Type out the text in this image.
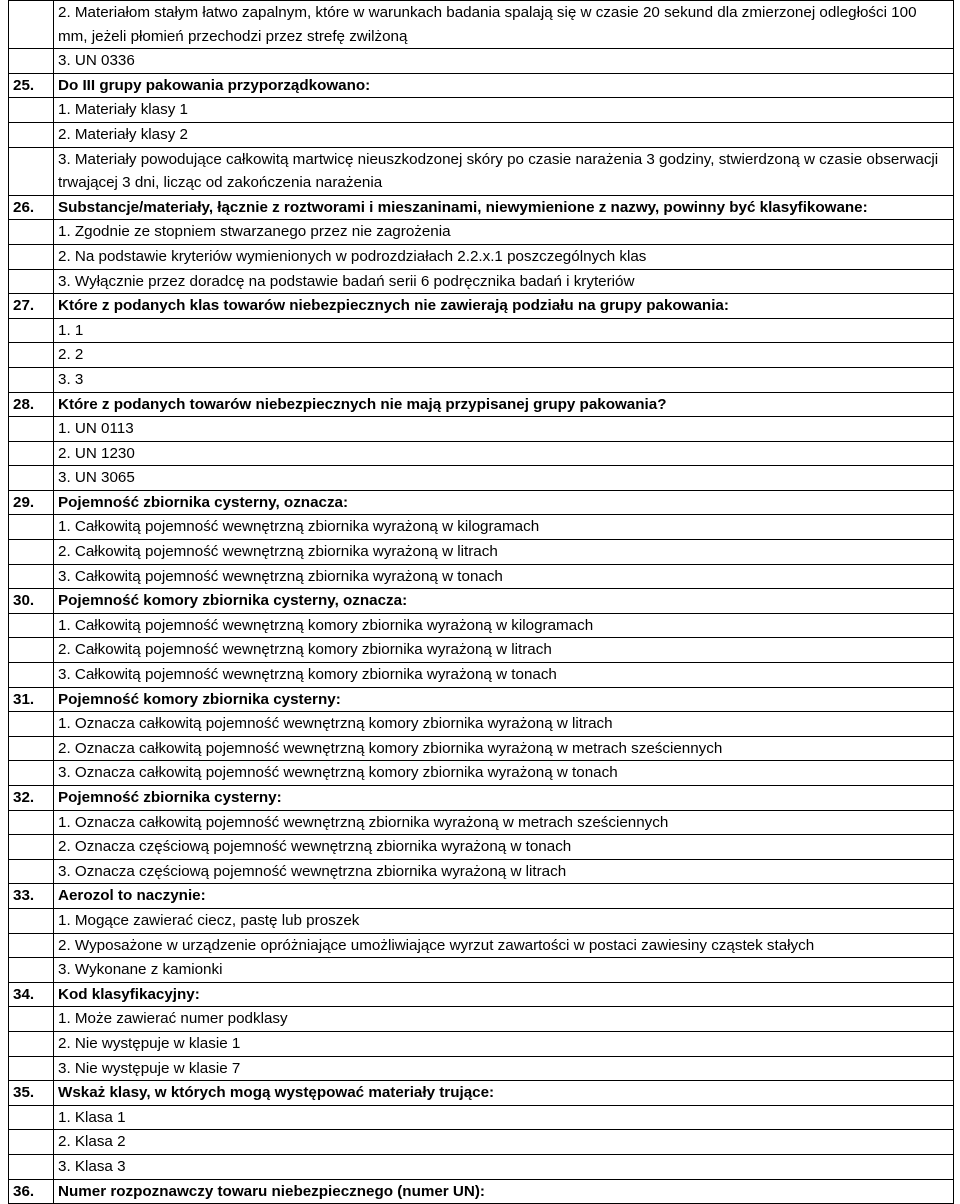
	2. Materiałom stałym łatwo zapalnym, które w warunkach badania spalają się w czasie 20 sekund dla zmierzonej odległości 100 mm, jeżeli płomień przechodzi przez strefę zwilżoną
	3. UN 0336
25.	Do III grupy pakowania przyporządkowano:
	1. Materiały klasy 1
	2. Materiały klasy 2
	3. Materiały powodujące całkowitą martwicę nieuszkodzonej skóry po czasie narażenia 3 godziny, stwierdzoną w czasie obserwacji trwającej 3 dni, licząc od zakończenia narażenia
26.	Substancje/materiały, łącznie z roztworami i mieszaninami, niewymienione z nazwy, powinny być klasyfikowane:
	1. Zgodnie ze stopniem stwarzanego przez nie zagrożenia
	2. Na podstawie kryteriów wymienionych w podrozdziałach 2.2.x.1 poszczególnych klas
	3. Wyłącznie przez doradcę na podstawie badań serii 6 podręcznika badań i kryteriów
27.	Które z podanych klas towarów niebezpiecznych nie zawierają podziału na grupy pakowania:
	1. 1
	2. 2
	3. 3
28.	Które z podanych towarów niebezpiecznych nie mają przypisanej grupy pakowania?
	1. UN 0113
	2. UN 1230
	3. UN 3065
29.	Pojemność zbiornika cysterny, oznacza:
	1. Całkowitą pojemność wewnętrzną zbiornika wyrażoną w kilogramach
	2. Całkowitą pojemność wewnętrzną zbiornika wyrażoną w litrach
	3. Całkowitą pojemność wewnętrzną zbiornika wyrażoną w tonach
30.	Pojemność komory zbiornika cysterny, oznacza:
	1. Całkowitą pojemność wewnętrzną komory zbiornika wyrażoną w kilogramach
	2. Całkowitą pojemność wewnętrzną komory zbiornika wyrażoną w litrach
	3. Całkowitą pojemność wewnętrzną komory zbiornika wyrażoną w tonach
31.	Pojemność komory zbiornika cysterny:
	1. Oznacza całkowitą pojemność wewnętrzną komory zbiornika wyrażoną w litrach
	2. Oznacza całkowitą pojemność wewnętrzną komory zbiornika wyrażoną w metrach sześciennych
	3. Oznacza całkowitą pojemność wewnętrzną komory zbiornika wyrażoną w tonach
32.	Pojemność zbiornika cysterny:
	1. Oznacza całkowitą pojemność wewnętrzną zbiornika wyrażoną w metrach sześciennych
	2. Oznacza częściową pojemność wewnętrzną zbiornika wyrażoną w tonach
	3. Oznacza częściową pojemność wewnętrzna zbiornika wyrażoną w litrach
33.	Aerozol to naczynie:
	1. Mogące zawierać ciecz, pastę lub proszek
	2. Wyposażone w urządzenie opróżniające umożliwiające wyrzut zawartości w postaci zawiesiny cząstek stałych
	3. Wykonane z kamionki
34.	Kod klasyfikacyjny:
	1. Może zawierać numer podklasy
	2. Nie występuje w klasie 1
	3. Nie występuje w klasie 7
35.	Wskaż klasy, w których mogą występować materiały trujące:
	1. Klasa 1
	2. Klasa 2
	3. Klasa 3
36.	Numer rozpoznawczy towaru niebezpiecznego (numer UN):
